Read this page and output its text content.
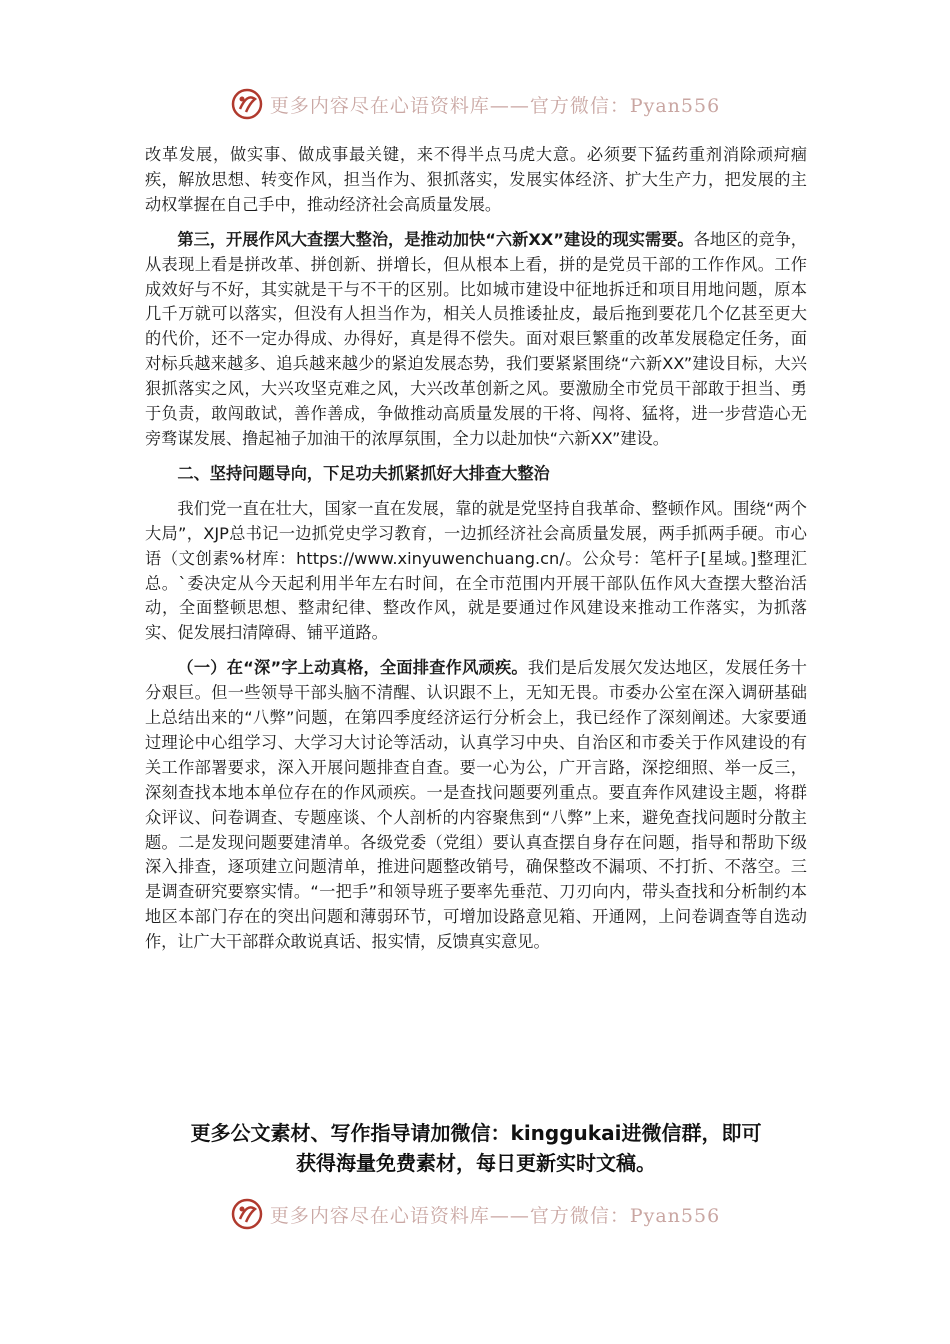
更多内容尽在心语资料库——官方微信：Pyan556

改革发展，做实事、做成事最关键，来不得半点马虎大意。必须要下猛药重剂消除顽疴痼疾，解放思想、转变作风，担当作为、狠抓落实，发展实体经济、扩大生产力，把发展的主动权掌握在自己手中，推动经济社会高质量发展。

第三，开展作风大查摆大整治，是推动加快“六新XX”建设的现实需要。各地区的竞争，从表现上看是拼改革、拼创新、拼增长，但从根本上看，拼的是党员干部的工作作风。工作成效好与不好，其实就是干与不干的区别。比如城市建设中征地拆迁和项目用地问题，原本几千万就可以落实，但没有人担当作为，相关人员推诿扯皮，最后拖到要花几个亿甚至更大的代价，还不一定办得成、办得好，真是得不偿失。面对艰巨繁重的改革发展稳定任务，面对标兵越来越多、追兵越来越少的紧迫发展态势，我们要紧紧围绕“六新XX”建设目标，大兴狠抓落实之风，大兴攻坚克难之风，大兴改革创新之风。要激励全市党员干部敢于担当、勇于负责，敢闯敢试，善作善成，争做推动高质量发展的干将、闯将、猛将，进一步营造心无旁骛谋发展、撸起袖子加油干的浓厚氛围，全力以赴加快“六新XX”建设。

二、坚持问题导向，下足功夫抓紧抓好大排查大整治

我们党一直在壮大，国家一直在发展，靠的就是党坚持自我革命、整顿作风。围绕“两个大局”，XJP总书记一边抓党史学习教育，一边抓经济社会高质量发展，两手抓两手硬。市心语（文创素%材库：https://www.xinyuwenchuang.cn/。公众号：笔杆子[星域。]整理汇总。`委决定从今天起利用半年左右时间，在全市范围内开展干部队伍作风大查摆大整治活动，全面整顿思想、整肃纪律、整改作风，就是要通过作风建设来推动工作落实，为抓落实、促发展扫清障碍、铺平道路。

（一）在“深”字上动真格，全面排查作风顽疾。我们是后发展欠发达地区，发展任务十分艰巨。但一些领导干部头脑不清醒、认识跟不上，无知无畏。市委办公室在深入调研基础上总结出来的“八弊”问题，在第四季度经济运行分析会上，我已经作了深刻阐述。大家要通过理论中心组学习、大学习大讨论等活动，认真学习中央、自治区和市委关于作风建设的有关工作部署要求，深入开展问题排查自查。要一心为公，广开言路，深挖细照、举一反三，深刻查找本地本单位存在的作风顽疾。一是查找问题要列重点。要直奔作风建设主题，将群众评议、问卷调查、专题座谈、个人剖析的内容聚焦到“八弊”上来，避免查找问题时分散主题。二是发现问题要建清单。各级党委（党组）要认真查摆自身存在问题，指导和帮助下级深入排查，逐项建立问题清单，推进问题整改销号，确保整改不漏项、不打折、不落空。三是调查研究要察实情。“一把手”和领导班子要率先垂范、刀刃向内，带头查找和分析制约本地区本部门存在的突出问题和薄弱环节，可增加设路意见箱、开通网，上问卷调查等自选动作，让广大干部群众敢说真话、报实情，反馈真实意见。

更多公文素材、写作指导请加微信：kinggukai进微信群，即可
获得海量免费素材，每日更新实时文稿。
更多内容尽在心语资料库——官方微信：Pyan556
